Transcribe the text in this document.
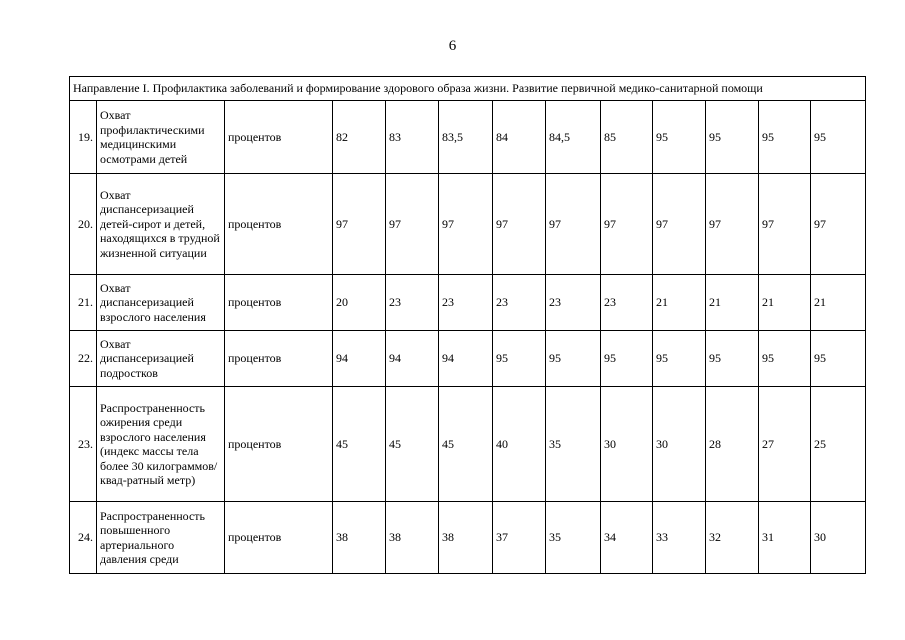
6
Направление I. Профилактика заболеваний и формирование здорового образа жизни. Развитие первичной медико-санитарной помощи												
19.	Охват профилактическими медицинскими осмотрами детей	процентов	82	83	83,5	84	84,5	85	95	95	95	95
20.	Охват диспансеризацией детей-сирот и детей, находящихся в трудной жизненной ситуации	процентов	97	97	97	97	97	97	97	97	97	97
21.	Охват диспансеризацией взрослого населения	процентов	20	23	23	23	23	23	21	21	21	21
22.	Охват диспансеризацией подростков	процентов	94	94	94	95	95	95	95	95	95	95
23.	Распространенность ожирения среди взрослого населения (индекс массы тела более 30 килограммов/квад-ратный метр)	процентов	45	45	45	40	35	30	30	28	27	25
24.	Распространенность повышенного артериального давления среди	процентов	38	38	38	37	35	34	33	32	31	30
